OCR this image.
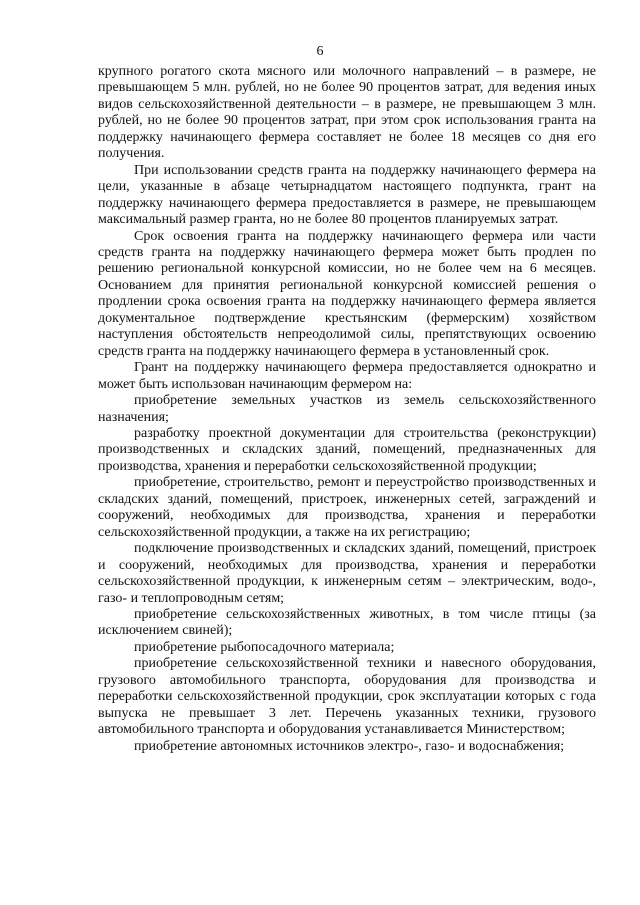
6

крупного рогатого скота мясного или молочного направлений – в размере, не превышающем 5 млн. рублей, но не более 90 процентов затрат, для ведения иных видов сельскохозяйственной деятельности – в размере, не превышающем 3 млн. рублей, но не более 90 процентов затрат, при этом срок использования гранта на поддержку начинающего фермера составляет не более 18 месяцев со дня его получения.

При использовании средств гранта на поддержку начинающего фермера на цели, указанные в абзаце четырнадцатом настоящего подпункта, грант на поддержку начинающего фермера предоставляется в размере, не превышающем максимальный размер гранта, но не более 80 процентов планируемых затрат.

Срок освоения гранта на поддержку начинающего фермера или части средств гранта на поддержку начинающего фермера может быть продлен по решению региональной конкурсной комиссии, но не более чем на 6 месяцев. Основанием для принятия региональной конкурсной комиссией решения о продлении срока освоения гранта на поддержку начинающего фермера является документальное подтверждение крестьянским (фермерским) хозяйством наступления обстоятельств непреодолимой силы, препятствующих освоению средств гранта на поддержку начинающего фермера в установленный срок.

Грант на поддержку начинающего фермера предоставляется однократно и может быть использован начинающим фермером на:

приобретение земельных участков из земель сельскохозяйственного назначения;

разработку проектной документации для строительства (реконструкции) производственных и складских зданий, помещений, предназначенных для производства, хранения и переработки сельскохозяйственной продукции;

приобретение, строительство, ремонт и переустройство производственных и складских зданий, помещений, пристроек, инженерных сетей, заграждений и сооружений, необходимых для производства, хранения и переработки сельскохозяйственной продукции, а также на их регистрацию;

подключение производственных и складских зданий, помещений, пристроек и сооружений, необходимых для производства, хранения и переработки сельскохозяйственной продукции, к инженерным сетям – электрическим, водо-, газо- и теплопроводным сетям;

приобретение сельскохозяйственных животных, в том числе птицы (за исключением свиней);

приобретение рыбопосадочного материала;

приобретение сельскохозяйственной техники и навесного оборудования, грузового автомобильного транспорта, оборудования для производства и переработки сельскохозяйственной продукции, срок эксплуатации которых с года выпуска не превышает 3 лет. Перечень указанных техники, грузового автомобильного транспорта и оборудования устанавливается Министерством;

приобретение автономных источников электро-, газо- и водоснабжения;
